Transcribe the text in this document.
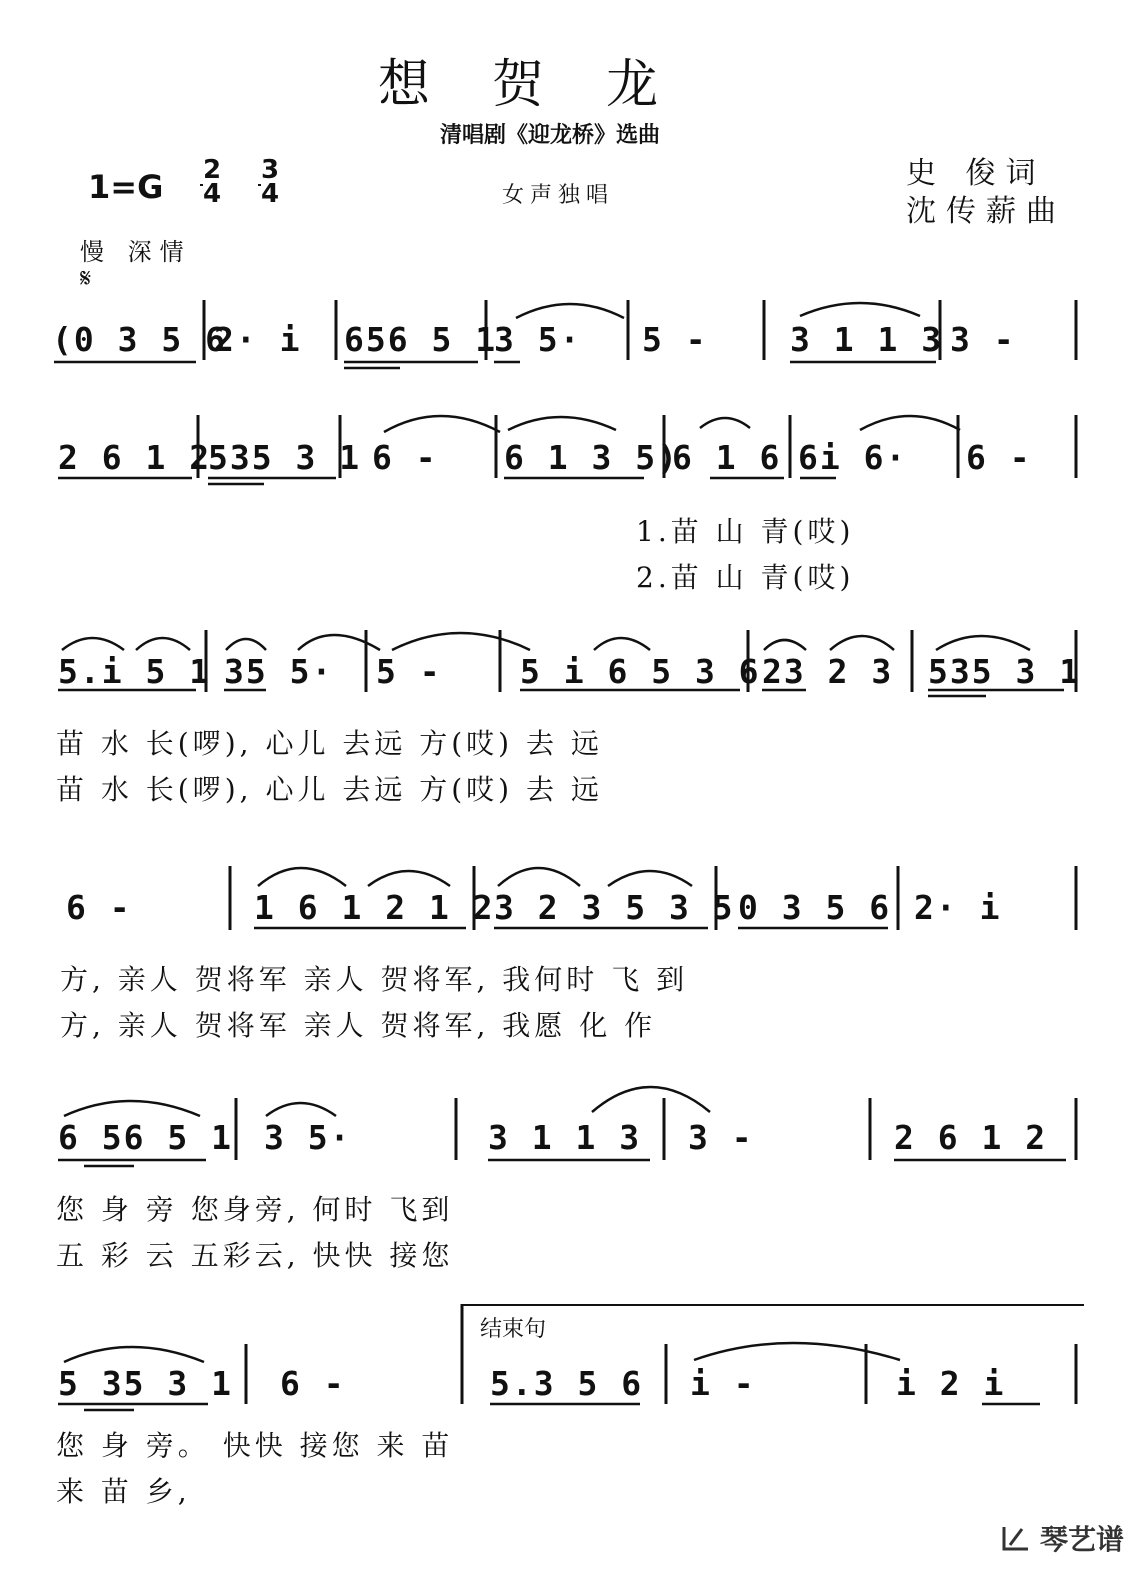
想贺龙
清唱剧《迎龙桥》选曲
1=G 2
4
3
4	女声独唱
史 俊词
沈传薪曲
慢 深情
𝄋
(0 3 5 6
2· i 656 5 1
3 5· 5 - 3 1 1 3 3 -
2 6 1 2
535 3 1 6 - 6 1 3 5)
6 1 6 6i 6· 6 -
1.苗 山 青(哎)
2.苗 山 青(哎)
5.i 5 1 35 5· 5 - 5 i 6 5 3 6 23 2 3 535 3 1
苗 水 长(啰), 心儿 去远 方(哎) 去 远
苗 水 长(啰), 心儿 去远 方(哎) 去 远
6 -	1 6 1 2 1 2 3 2 3 5 3 5 0 3 5 6 2· i
方, 亲人 贺将军 亲人 贺将军, 我何时 飞 到
方, 亲人 贺将军 亲人 贺将军, 我愿 化 作
6 56 5 1 3 5·	3 1 1 3 3 -	2 6 1 2
您 身 旁 您身旁, 何时 飞到
五 彩 云 五彩云, 快快 接您
结束句
5 35 3 1 6 -	5.3 5 6 i -	i 2 i
您 身 旁。 快快 接您 来 苗
来 苗 乡,
琴艺谱
